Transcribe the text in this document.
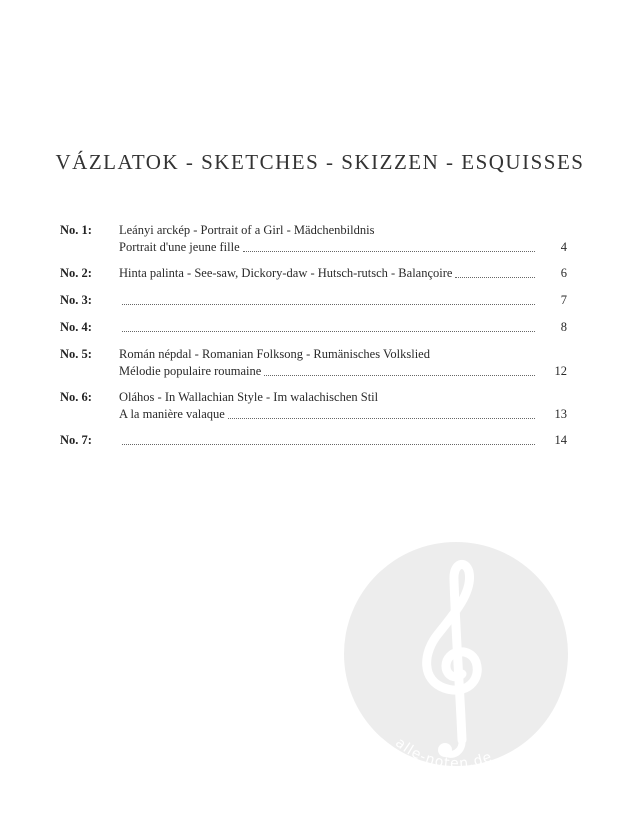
VÁZLATOK - SKETCHES - SKIZZEN - ESQUISSES
No. 1: Leányi arckép - Portrait of a Girl - Mädchenbildnis
Portrait d'une jeune fille	4
No. 2: Hinta palinta - See-saw, Dickory-daw - Hutsch-rutsch - Balançoire	6
No. 3:	7
No. 4:	8
No. 5: Román népdal - Romanian Folksong - Rumänisches Volkslied
Mélodie populaire roumaine	12
No. 6: Oláhos - In Wallachian Style - Im walachischen Stil
A la manière valaque	13
No. 7:	14
alle-noten.de
